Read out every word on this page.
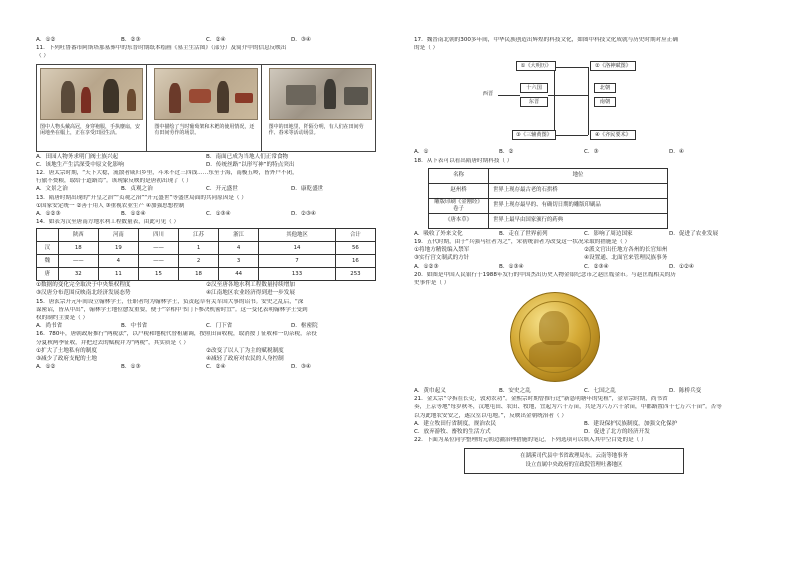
A．①②	B．②③	C．②④	D．③④
11．下列吐鲁番市阿斯塔那墓葬中的东晋时期纸本绘画《墓主生活图》（部分）及简介中的信息反映出
（ ）
图中人物头戴高冠，身穿袍服，手执麈扇，安闲地坐在榻上，正在享受田园生活。
图中描绘了当时葡萄架和木耙的使用情况，还有田间劳作的场景。
图中的田地里，阡陌分明，有人们在田间劳作、舂米等活动场景。
A．田园人物务求明门阀士族兴起	B．南面已成为当地人们正常食物
C．该地生产生活深受中原文化影响	D．传统丝路“以形写神”的特点突出
12．唐太宗时期，“天下大稔，流散者咸归乡里，斗米不过三四钱……东至于海，南极五岭，皆外户不闭，
行旅不赍粮，取给于道路焉”。该现象反映的是唐初出现了（ ）
A．文景之治	B．贞观之治	C．开元盛世	D．康乾盛世
13．隋唐时期出现的“开皇之治”“贞观之治”“开元盛世”等盛世局面的共同原因是（ ）
①国家安定统一 ②善于用人 ③重视农业生产 ④加强思想控制
A．①②③	B．①②④	C．①③④	D．②③④
14．如表为汉至唐南方地水利工程数量表，由此可见（ ）
	陕西	河南	四川	江苏	浙江	其他地区	合计
汉	18	19	——	1	4	14	56
魏	——	4	——	2	3	7	16
唐	32	11	15	18	44	133	253
①数据的变化完全取决于中央集权程度	②汉至唐各地水利工程数量持续增加
③汉唐分布范围反映南北经济发展态势	④江南地区农业经济得到进一步发展
15．唐玄宗开元年间设立翰林学士，任职者均为翰林学士，负责起草有关军国大事的诏书。安史之乱后，“深
谋密诏，皆从中出”，翰林学士地位愈发重要，便于“宰相中书门下参决机密时宜”。这一变化表明翰林学士受到
权的制约主要是（ ）
A．尚书省	B．中书省	C．门下省	D．枢密院
16．780年，唐朝政府推行“两税法”，以户税和地税代替租庸调，按照田亩收税，取消按丁征收和一切杂税，杂役
分夏秋两季征收，并把过去的赋税并为“两税”，其实质是（ ）
①扩大了土地私有的制度	②改变了以人丁为主的赋税制度
③减少了政府支配的土地	④减轻了政府对农民的人身控制
A．①②	B．①③	C．②④	D．③④
17．魏晋南北朝的300多年间，中华民族创造出辉煌的科技文化，如图中科技文化成就与历史时期对应正确
的是（ ）
①《大明历》	②《洛神赋图》
西晋
十六国
东晋
北朝
南朝
③《三辅黄图》	④《齐民要术》
A．①	B．②	C．③	D．④
18．从下表可以看出隋唐时期科技（ ）
名称	地位
赵州桥	世界上现存最古老的石拱桥
雕版印刷《金刚经》卷子	世界上现存最早的、有确切日期的雕版印刷品
《唐本草》	世界上最早由国家颁行的药典
A．吸收了外来文化	B．走在了世界前列	C．影响了周边国家	D．促进了农业发展
19．五代时期，由于“兵强马壮者为之”，宋初统治者为改变这一状况采取的措施是（ ）
①将地方精锐编入禁军	②派文官出任地方各州的长官知州
③实行宫文制武的方针	④设置通、北面官来管理民族事务
A．①②③	B．①③④	C．②③④	D．①②④
20．如图是中国人民银行于1988年发行的中国杰出历史人物金银纪念币之赵匡胤金币。与赵匡胤相关的历
史事件是（ ）
A．黄巾起义	B．安史之乱	C．七国之乱	D．陈桥兵变
21．金太宗“令拆在长吏，敦劝农功”。金熙宗时期曾推行过“新恳明塘年的免租”，金章宗时期，尚书省
奏，上京等地“每岁秋冬，汉地屯田、农田、牧地，宜起为六千万亩，共是为六万六千余亩，中都路置四十七万六千亩”。否等
以为此地农安安之，遂汉室以屯地。”，反映出金朝统治者（ ）
A．建立牧田行省制度，规治农民	B．建设保护民族制度，加强文化保护
C．放弃游牧、畜牧的生活方式	D．促进了北方的经济开发
22．下面为某位同学整理的元朝边疆治理措施的笔记，下列选项可以填入其中空白处的是（ ）
在湖溪司代县中书省政理局东。云南等地事务
设立直属中央政府的宣政院管理吐蕃地区
